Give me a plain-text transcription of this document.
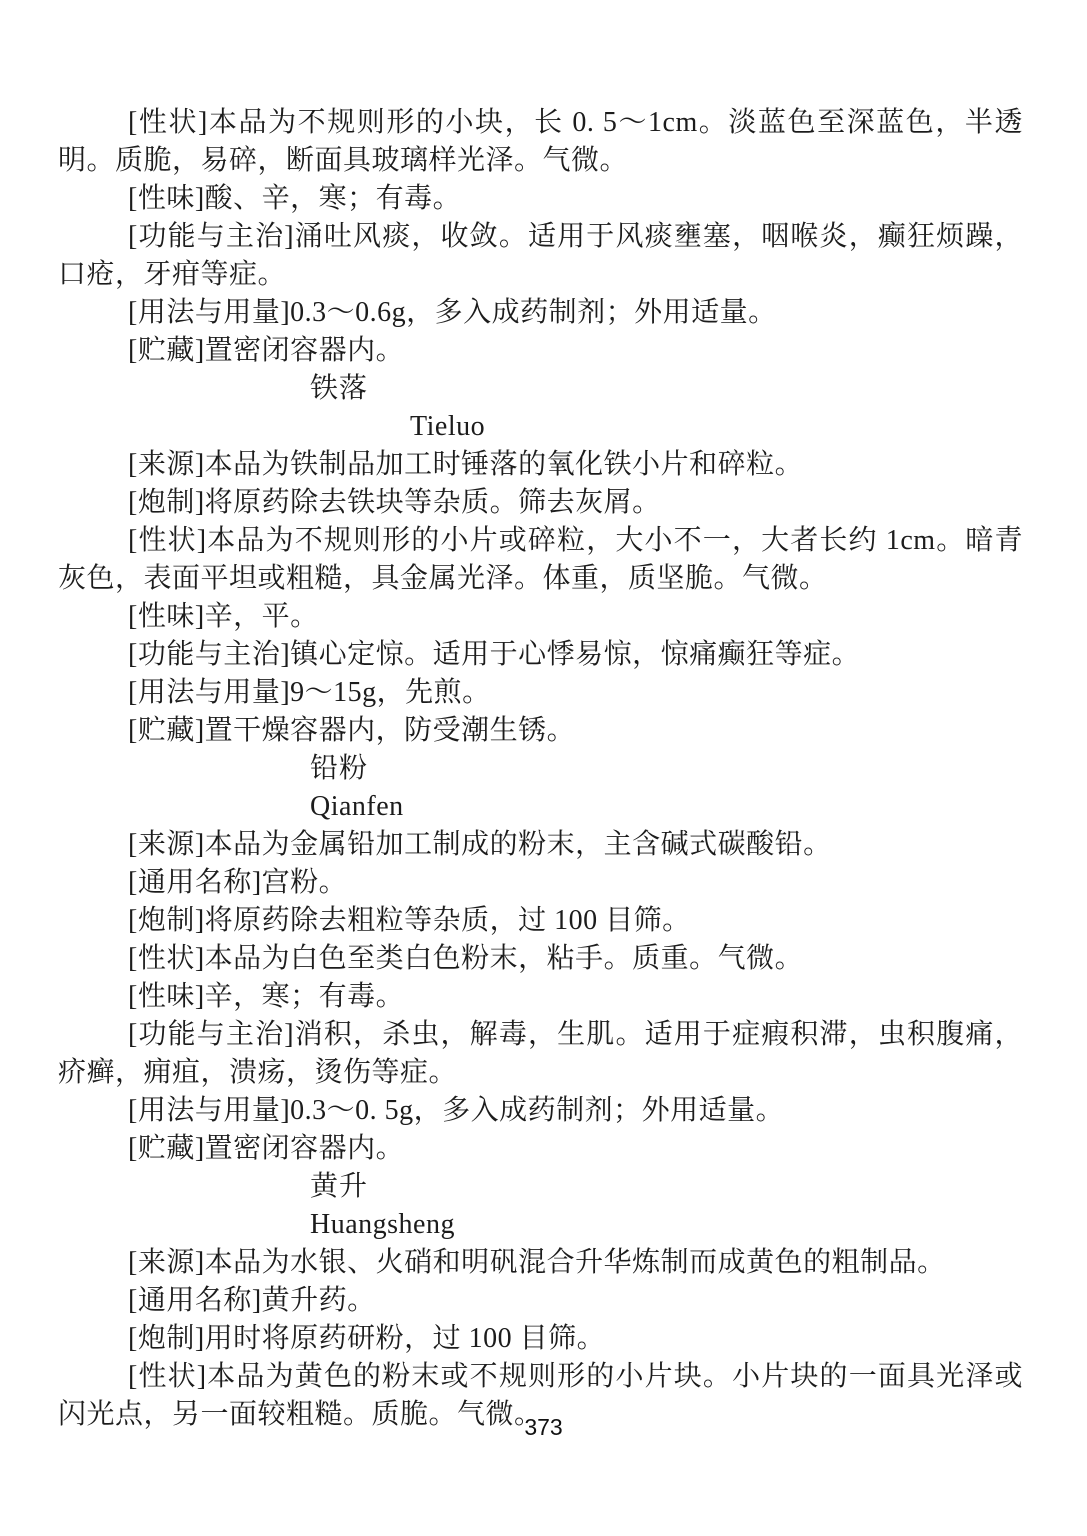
[性状]本品为不规则形的小块，长 0. 5～1cm。淡蓝色至深蓝色，半透明。质脆，易碎，断面具玻璃样光泽。气微。

[性味]酸、辛，寒；有毒。

[功能与主治]涌吐风痰，收敛。适用于风痰壅塞，咽喉炎，癫狂烦躁，口疮，牙疳等症。

[用法与用量]0.3～0.6g，多入成药制剂；外用适量。

[贮藏]置密闭容器内。

铁落
Tieluo

[来源]本品为铁制品加工时锤落的氧化铁小片和碎粒。

[炮制]将原药除去铁块等杂质。筛去灰屑。

[性状]本品为不规则形的小片或碎粒，大小不一，大者长约 1cm。暗青灰色，表面平坦或粗糙，具金属光泽。体重，质坚脆。气微。

[性味]辛，平。

[功能与主治]镇心定惊。适用于心悸易惊，惊痛癫狂等症。

[用法与用量]9～15g，先煎。

[贮藏]置干燥容器内，防受潮生锈。

铅粉
Qianfen

[来源]本品为金属铅加工制成的粉末，主含碱式碳酸铅。

[通用名称]宫粉。

[炮制]将原药除去粗粒等杂质，过 100 目筛。

[性状]本品为白色至类白色粉末，粘手。质重。气微。

[性味]辛，寒；有毒。

[功能与主治]消积，杀虫，解毒，生肌。适用于症瘕积滞，虫积腹痛，疥癣，痈疽，溃疡，烫伤等症。

[用法与用量]0.3～0. 5g，多入成药制剂；外用适量。

[贮藏]置密闭容器内。

黄升
Huangsheng

[来源]本品为水银、火硝和明矾混合升华炼制而成黄色的粗制品。

[通用名称]黄升药。

[炮制]用时将原药研粉，过 100 目筛。

[性状]本品为黄色的粉末或不规则形的小片块。小片块的一面具光泽或闪光点，另一面较粗糙。质脆。气微。

373
